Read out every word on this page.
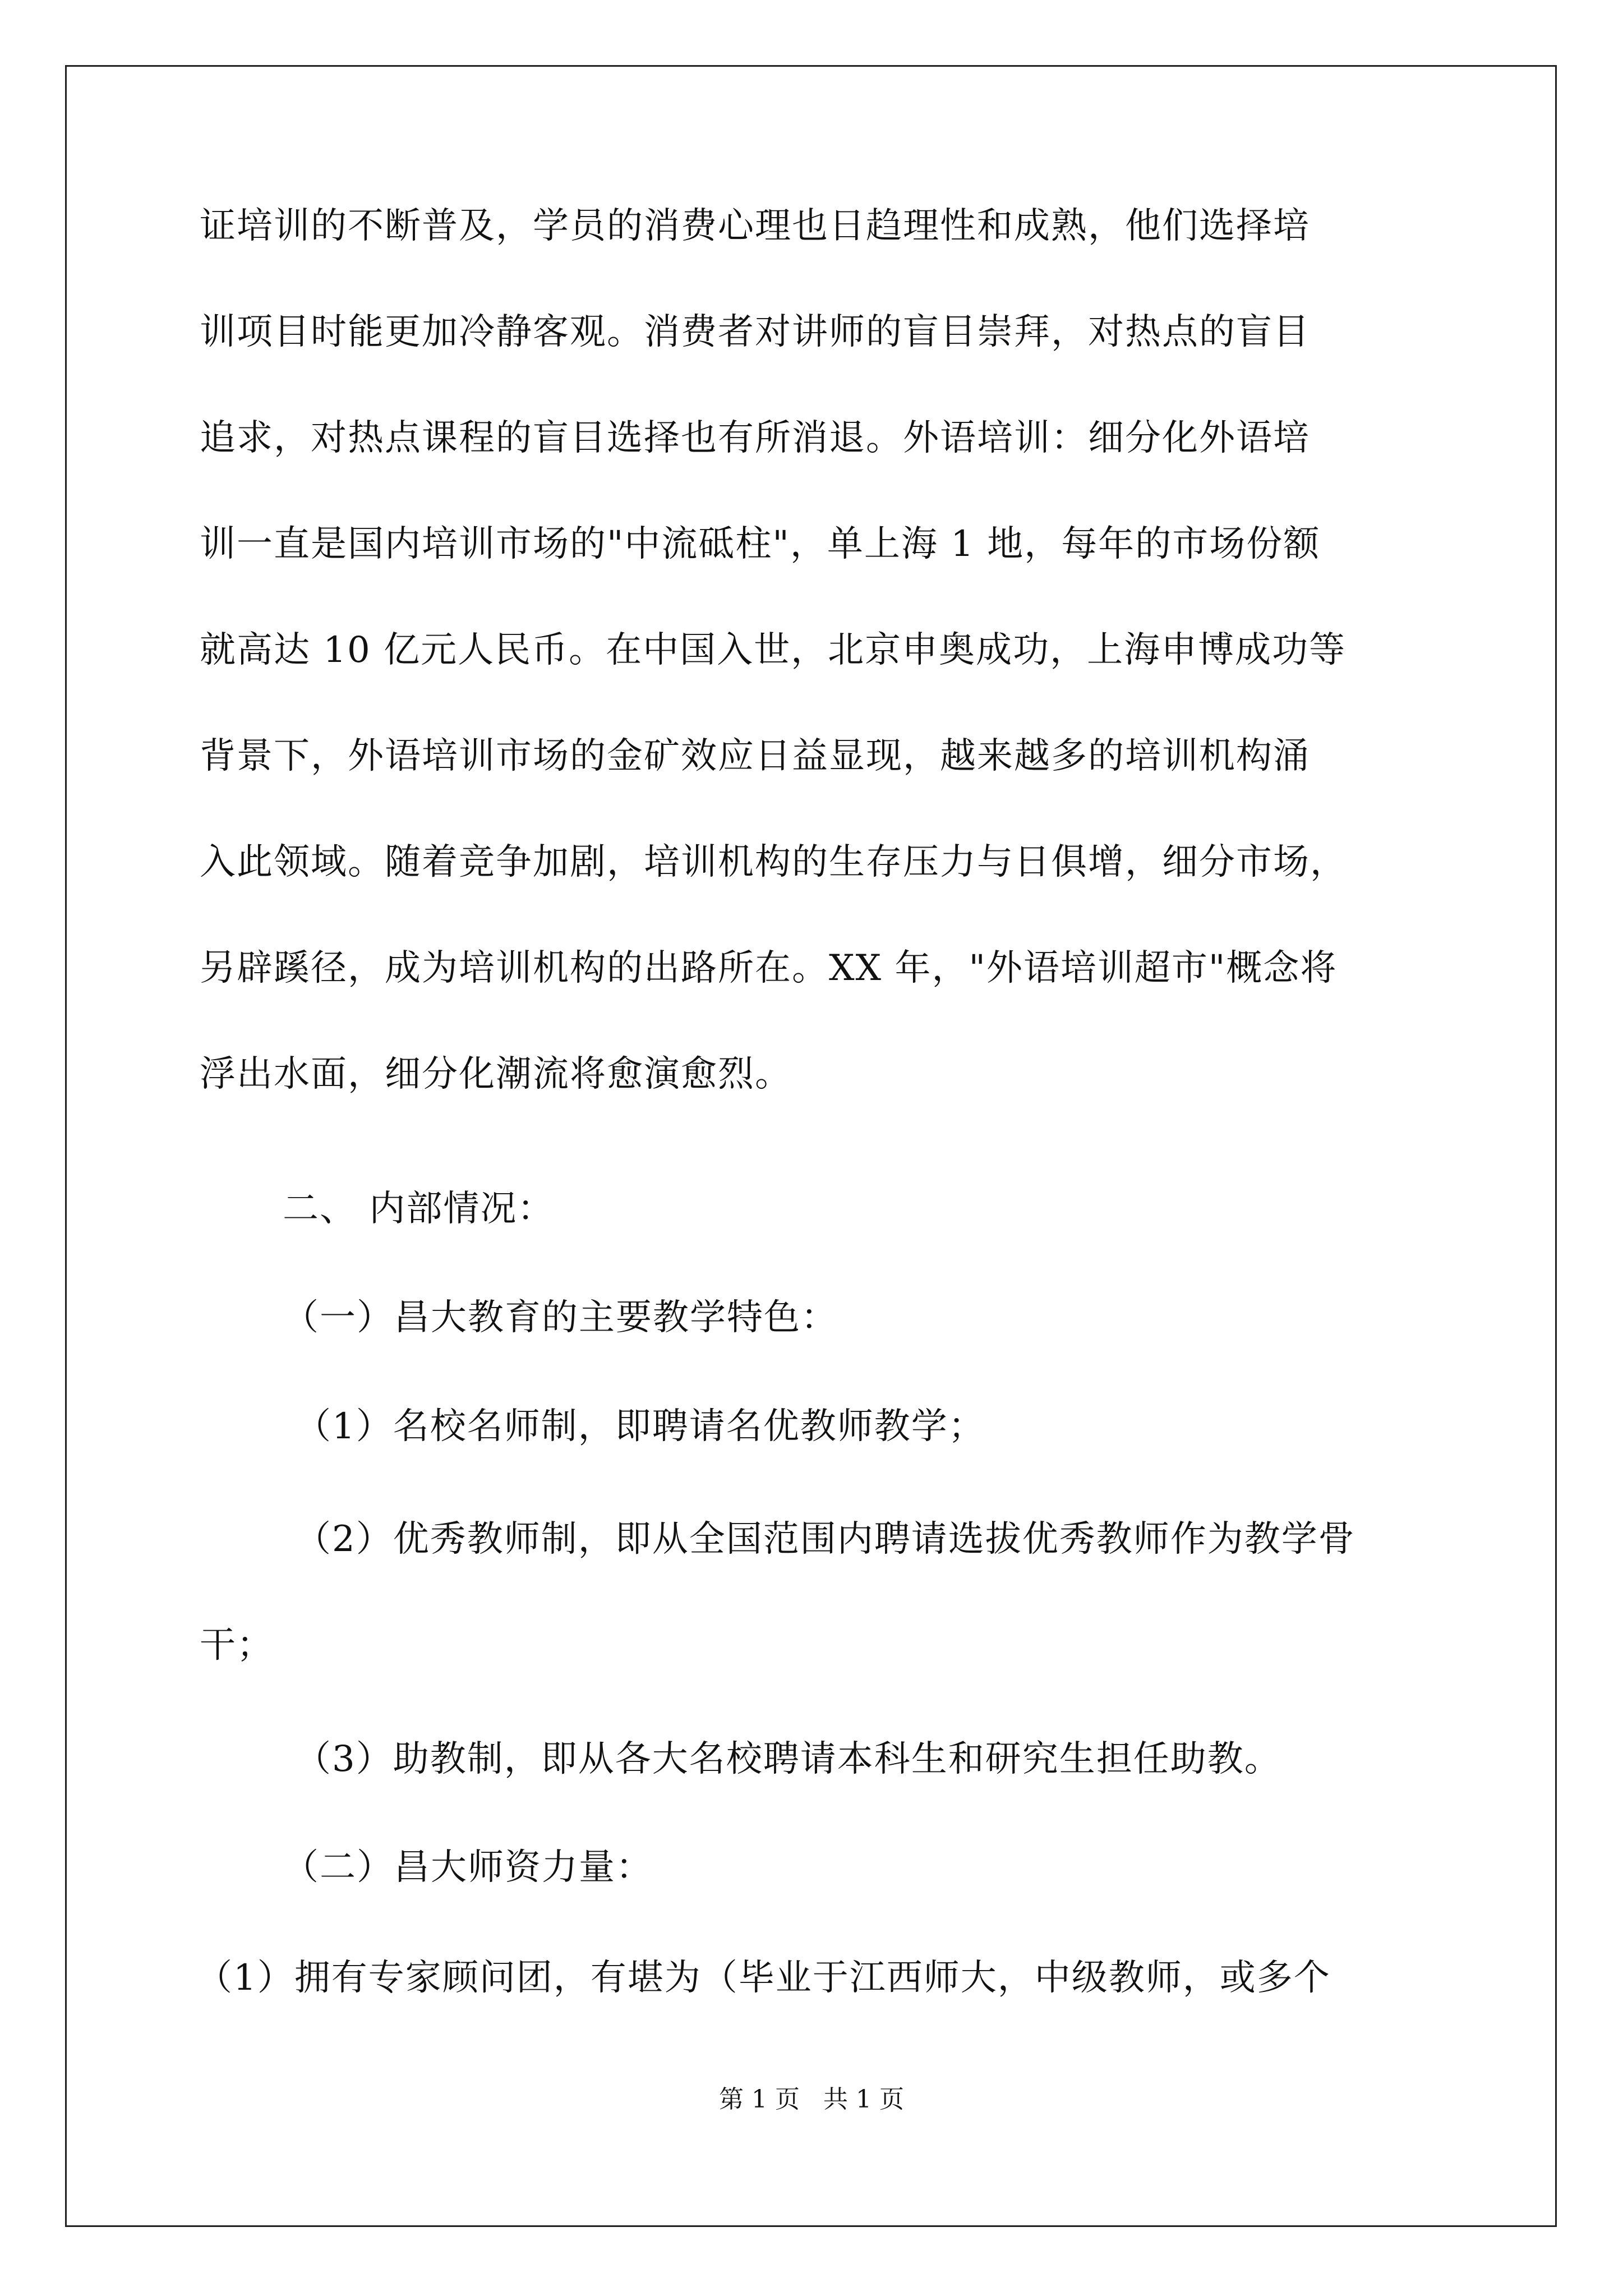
证培训的不断普及，学员的消费心理也日趋理性和成熟，他们选择培
训项目时能更加冷静客观。消费者对讲师的盲目崇拜，对热点的盲目
追求，对热点课程的盲目选择也有所消退。外语培训：细分化外语培
训一直是国内培训市场的"中流砥柱"，单上海 1 地，每年的市场份额
就高达 10 亿元人民币。在中国入世，北京申奥成功，上海申博成功等
背景下，外语培训市场的金矿效应日益显现，越来越多的培训机构涌
入此领域。随着竞争加剧，培训机构的生存压力与日俱增，细分市场，
另辟蹊径，成为培训机构的出路所在。XX 年，"外语培训超市"概念将
浮出水面，细分化潮流将愈演愈烈。
二、 内部情况：
（一）昌大教育的主要教学特色：
（1）名校名师制，即聘请名优教师教学；
（2）优秀教师制，即从全国范围内聘请选拔优秀教师作为教学骨
干；
（3）助教制，即从各大名校聘请本科生和研究生担任助教。
（二）昌大师资力量：
（1）拥有专家顾问团，有堪为（毕业于江西师大，中级教师，或多个
第 1 页   共 1 页
